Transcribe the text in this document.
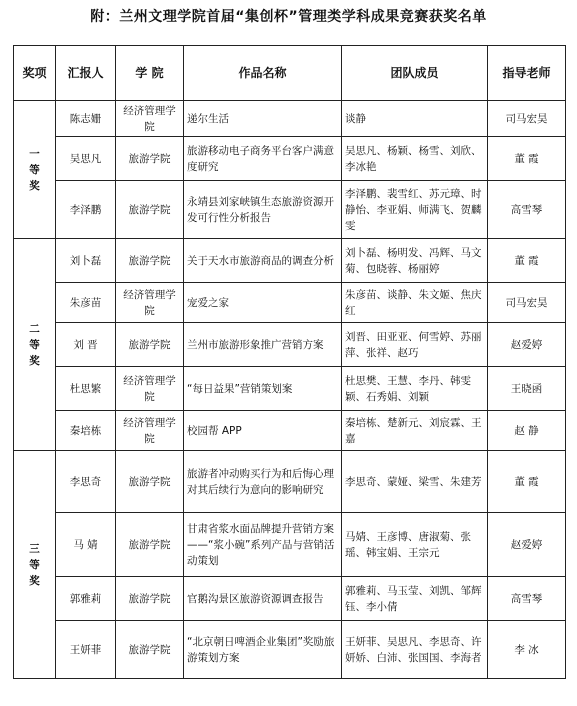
附：兰州文理学院首届“集创杯”管理类学科成果竞赛获奖名单
奖项	汇报人	学 院	作品名称	团队成员	指导老师

一
等
奖	陈志姗	经济管理学院	递尔生活	谈静	司马宏昊
	吴思凡	旅游学院	旅游移动电子商务平台客户满意度研究	吴思凡、杨颖、杨雪、刘欣、李冰艳	董 霞
	李泽鹏	旅游学院	永靖县刘家峡镇生态旅游资源开发可行性分析报告	李泽鹏、裴雪红、苏元璋、时静怡、李亚娟、师满飞、贺麟雯	高雪琴

二
等
奖	刘卜磊	旅游学院	关于天水市旅游商品的调查分析	刘卜磊、杨明发、冯辉、马文菊、包晓蓉、杨丽婷	董 霞
	朱彦苗	经济管理学院	宠爱之家	朱彦苗、谈静、朱文姬、焦庆红	司马宏昊
	刘 晋	旅游学院	兰州市旅游形象推广营销方案	刘晋、田亚亚、何雪婷、苏丽萍、张祥、赵巧	赵爱婷
	杜思繁	经济管理学院	“每日益果”营销策划案	杜思樊、王慧、李丹、韩雯颖、石秀娟、刘颖	王晓函
	秦培栋	经济管理学院	校园帮 APP	秦培栋、楚新元、刘宸霖、王嘉	赵 静

三
等
奖	李思奇	旅游学院	旅游者冲动购买行为和后悔心理对其后续行为意向的影响研究	李思奇、蒙娅、梁雪、朱建芳	董 霞
	马 婧	旅游学院	甘肃省浆水面品牌提升营销方案——“浆小碗”系列产品与营销活动策划	马婧、王彦博、唐淑菊、张瑶、韩宝娟、王宗元	赵爱婷
	郭雅莉	旅游学院	官鹅沟景区旅游资源调查报告	郭雅莉、马玉莹、刘凯、邹辉钰、李小倩	高雪琴
	王妍菲	旅游学院	“北京朝日啤酒企业集团”奖励旅游策划方案	王妍菲、吴思凡、李思奇、许妍娇、白沛、张国国、李海者	李 冰
